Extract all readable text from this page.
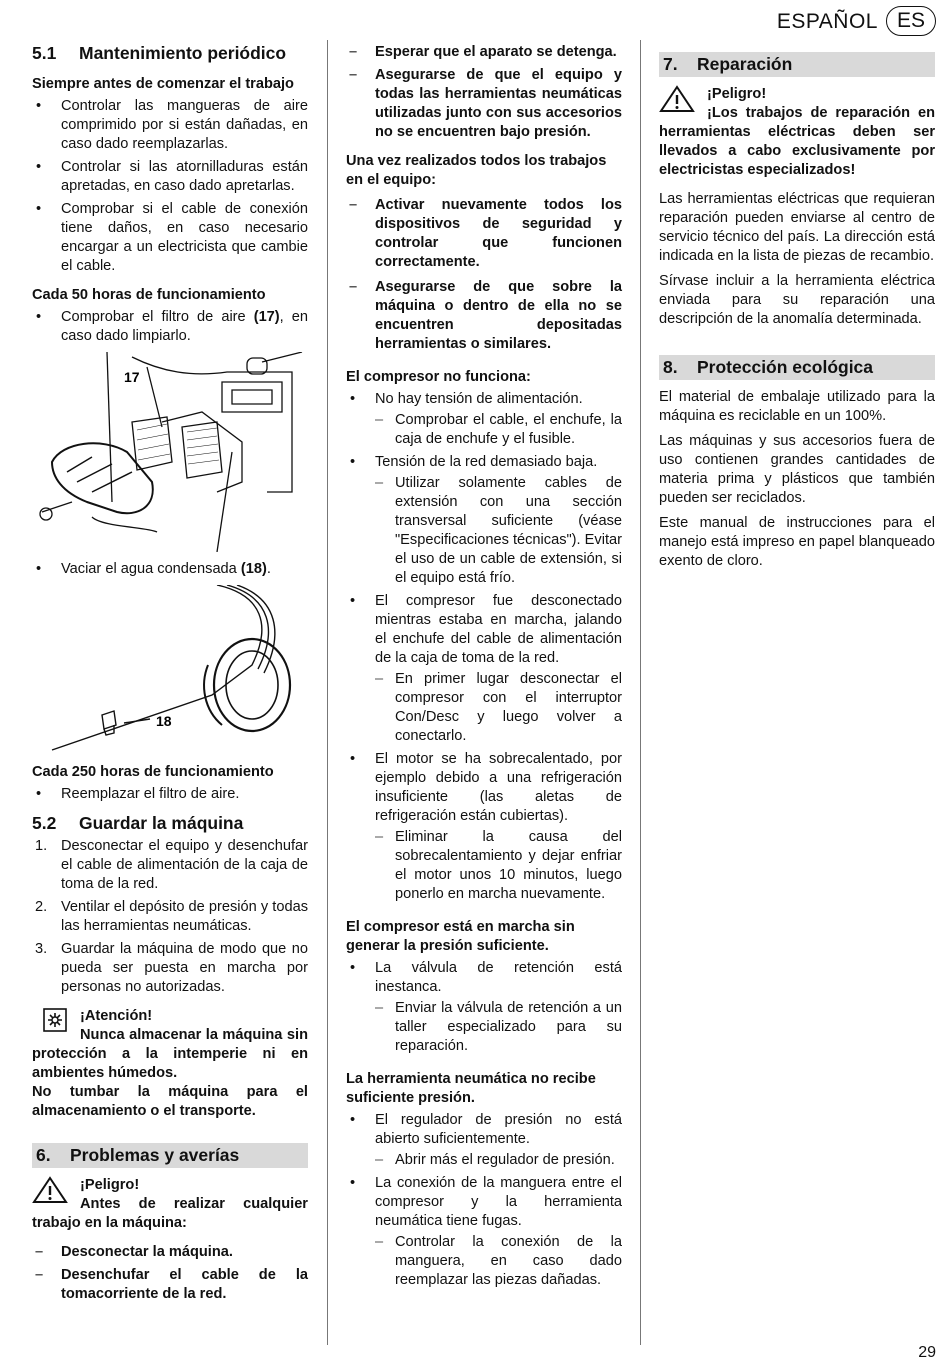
ESPAÑOL ES
5.1	Mantenimiento periódico
Siempre antes de comenzar el trabajo
• Controlar las mangueras de aire comprimido por si están dañadas, en caso dado reemplazarlas.
• Controlar si las atornilladuras están apretadas, en caso dado apretarlas.
• Comprobar si el cable de conexión tiene daños, en caso necesario encargar a un electricista que cambie el cable.
Cada 50 horas de funcionamiento
• Comprobar el filtro de aire (17), en caso dado limpiarlo.
17
• Vaciar el agua condensada (18).
18
Cada 250 horas de funcionamiento
• Reemplazar el filtro de aire.
5.2	Guardar la máquina
1. Desconectar el equipo y desenchufar el cable de alimentación de la caja de toma de la red.
2. Ventilar el depósito de presión y todas las herramientas neumáticas.
3. Guardar la máquina de modo que no pueda ser puesta en marcha por personas no autorizadas.
¡Atención!
Nunca almacenar la máquina sin protección a la intemperie ni en ambientes húmedos.
No tumbar la máquina para el almacenamiento o el transporte.
6.	Problemas y averías
¡Peligro!
Antes de realizar cualquier trabajo en la máquina:
– Desconectar la máquina.
– Desenchufar el cable de la tomacorriente de la red.
– Esperar que el aparato se detenga.
– Asegurarse de que el equipo y todas las herramientas neumáticas utilizadas junto con sus accesorios no se encuentren bajo presión.
Una vez realizados todos los trabajos en el equipo:
– Activar nuevamente todos los dispositivos de seguridad y controlar que funcionen correctamente.
– Asegurarse de que sobre la máquina o dentro de ella no se encuentren depositadas herramientas o similares.
El compresor no funciona:
• No hay tensión de alimentación.
– Comprobar el cable, el enchufe, la caja de enchufe y el fusible.
• Tensión de la red demasiado baja.
– Utilizar solamente cables de extensión con una sección transversal suficiente (véase "Especificaciones técnicas"). Evitar el uso de un cable de extensión, si el equipo está frío.
• El compresor fue desconectado mientras estaba en marcha, jalando el enchufe del cable de alimentación de la caja de toma de la red.
– En primer lugar desconectar el compresor con el interruptor Con/Desc y luego volver a conectarlo.
• El motor se ha sobrecalentado, por ejemplo debido a una refrigeración insuficiente (las aletas de refrigeración están cubiertas).
– Eliminar la causa del sobrecalentamiento y dejar enfriar el motor unos 10 minutos, luego ponerlo en marcha nuevamente.
El compresor está en marcha sin generar la presión suficiente.
• La válvula de retención está inestanca.
– Enviar la válvula de retención a un taller especializado para su reparación.
La herramienta neumática no recibe suficiente presión.
• El regulador de presión no está abierto suficientemente.
– Abrir más el regulador de presión.
• La conexión de la manguera entre el compresor y la herramienta neumática tiene fugas.
– Controlar la conexión de la manguera, en caso dado reemplazar las piezas dañadas.
7.	Reparación
¡Peligro!
¡Los trabajos de reparación en herramientas eléctricas deben ser llevados a cabo exclusivamente por electricistas especializados!

Las herramientas eléctricas que requieran reparación pueden enviarse al centro de servicio técnico del país. La dirección está indicada en la lista de piezas de recambio.

Sírvase incluir a la herramienta eléctrica enviada para su reparación una descripción de la anomalía determinada.

8.	Protección ecológica

El material de embalaje utilizado para la máquina es reciclable en un 100%.

Las máquinas y sus accesorios fuera de uso contienen grandes cantidades de materia prima y plásticos que también pueden ser reciclados.

Este manual de instrucciones para el manejo está impreso en papel blanqueado exento de cloro.

29
